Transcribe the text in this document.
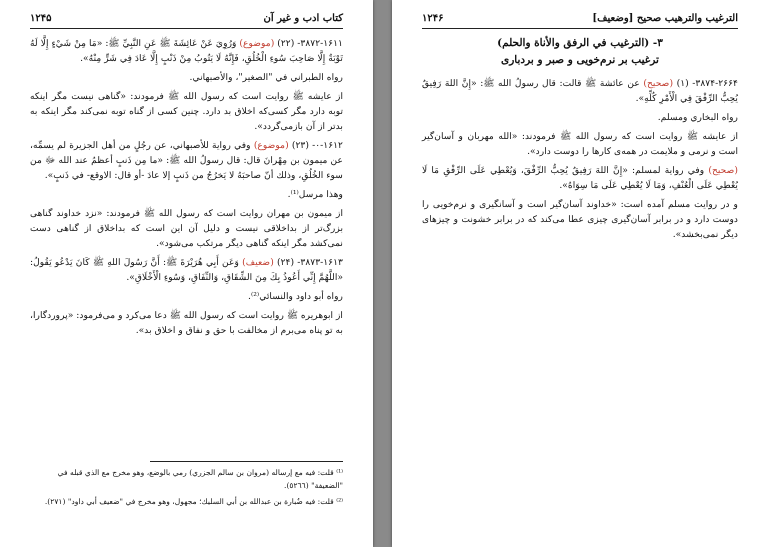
کتاب ادب و غیر آن
۱۲۴۵

۳۸۷۲-۱۶۱۱- (۲۲) (موضوع) وَرُوِيَ عَنْ عَائِشَةَ ﷺ عَنِ النَّبِيِّ ﷺ: «مَا مِنْ شَيْءٍ إِلَّا لَهُ تَوْبَةٌ إِلَّا صَاحِبَ سُوءِ الْخُلُقِ، فَإِنَّهُ لَا يَتُوبُ مِنْ ذَنْبٍ إِلَّا عَادَ فِي شَرٍّ مِنْهُ».

رواه الطبراني في "الصغير"، والأصبهاني.

از عایشه ﷺ روایت است که رسول الله ﷺ فرمودند: «گناهی نیست مگر اینکه توبه دارد مگر کسی‌که اخلاق بد دارد. چنین کسی از گناه توبه نمی‌کند مگر اینکه به بدتر از آن بازمی‌گردد».

۰-۱۶۱۲- (۲۳) (موضوع) وفي رواية للأصبهاني، عن رجُلٍ من أهل الجزيرة لم يسمِّه، عن ميمون بن مِهْرانَ قال: قال رسولُ الله ﷺ: «ما مِن ذَنبٍ أعظمُ عند الله ﷻ من سوء الخُلُقِ، وذلك أنّ صاحبَهُ لا يَخرُجُ من ذَنبٍ إلا عادَ -أو قال: الاوقع- في ذَنبٍ».

وهذا مرسل⁽¹⁾.

از میمون بن مهران روایت است که رسول الله ﷺ فرمودند: «نزد خداوند گناهی بزرگ‌تر از بداخلاقی نیست و دلیل آن این است که بداخلاق از گناهی دست نمی‌کشد مگر اینکه گناهی دیگر مرتکب می‌شود».

۳۸۷۳-۱۶۱۳- (۲۴) (ضعيف) وَعَن أَبِي هُرَيْرَةَ ﷺ: أَنَّ رَسُولَ اللهِ ﷺ كَانَ يَدْعُو يَقُولُ: «اللَّهُمَّ إِنِّي أَعُوذُ بِكَ مِنَ الشِّقَاقِ، وَالنِّفَاقِ، وَسُوءِ الْأَخْلَاقِ».

رواه أبو داود والنسائي⁽²⁾.

از ابوهریره ﷺ روایت است که رسول الله ﷺ دعا می‌کرد و می‌فرمود: «پروردگارا، به تو پناه می‌برم از مخالفت با حق و نفاق و اخلاق بد».

⁽¹⁾ قلت: فيه مع إرساله (مروان بن سالم الجزري) رمي بالوضع، وهو مخرج مع الذي قبله في "الضعيفة" (٥٢٦٦).

⁽²⁾ قلت: فيه ضُبارة بن عبدالله بن أبي السليك؛ مجهول، وهو مخرج في "ضعيف أبي داود" (٢٧١).

الترغيب والترهيب صحيح [وضعيف]
۱۲۴۶

۳- (الترغيب في الرفق والأناة والحلم)

ترغیب بر نرم‌خویی و صبر و بردباری

۳۸۷۴-۲۶۶۴- (۱) (صحيح) عن عائشة ﷺ قالت: قال رسولُ الله ﷺ: «إِنَّ اللهَ رَفِيقٌ يُحِبُّ الرِّفْقَ فِي الْأَمْرِ كُلِّهِ».

رواه البخاري ومسلم.

از عایشه ﷺ روایت است که رسول الله ﷺ فرمودند: «الله مهربان و آسان‌گیر است و نرمی و ملایمت در همه‌ی کارها را دوست دارد».

(صحيح) وفي رواية لمسلم: «إِنَّ اللهَ رَفِيقٌ يُحِبُّ الرِّفْقَ، وَيُعْطِي عَلَى الرِّفْقِ مَا لَا يُعْطِي عَلَى الْعُنْفِ، وَمَا لَا يُعْطِي عَلَى مَا سِوَاهُ».

و در روایت مسلم آمده است: «خداوند آسان‌گیر است و آسانگیری و نرم‌خویی را دوست دارد و در برابر آسان‌گیری چیزی عطا می‌کند که در برابر خشونت و چیزهای دیگر نمی‌بخشد».
